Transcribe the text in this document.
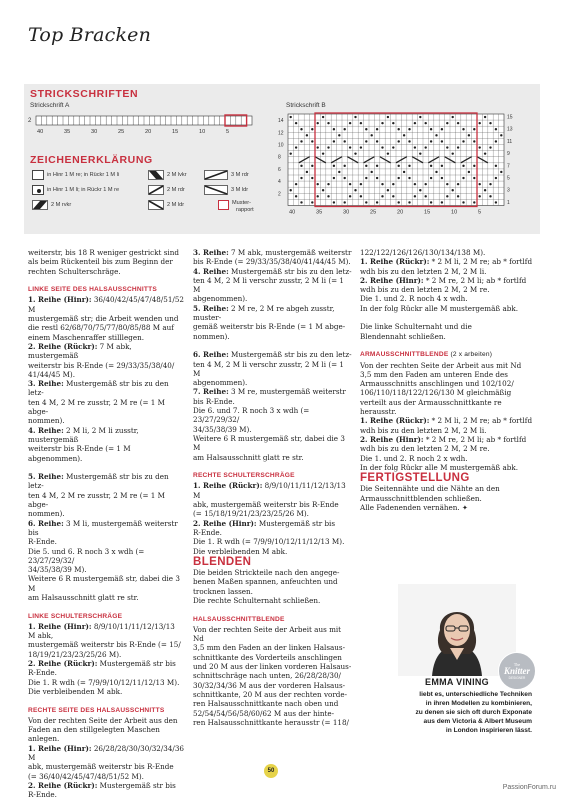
Top Bracken
STRICKSCHRIFTEN
Strickschrift A	Strickschrift B
2
40	35	30	25	20	15	10	5
14
12
10
8
6
4
2
15
13
11
9
7
5
3
1
40	35	30	25	20	15	10	5
ZEICHENERKLÄRUNG
in Hinr 1 M re; in Rückr 1 M li
in Hinr 1 M li; in Rückr 1 M re
2 M rvkr
2 M lvkr
2 M rdr
2 M ldr
3 M rdr
3 M ldr
Muster-
rapport

weiterstr, bis 18 R weniger gestrickt sind

als beim Rückenteil bis zum Beginn der

rechten Schulterschräge.

LINKE SEITE DES HALSAUSSCHNITTS

1. Reihe (Hinr): 36/40/42/45/47/48/51/52 M

mustergemäß str; die Arbeit wenden und

die restl 62/68/70/75/77/80/85/88 M auf

einem Maschenraffer stilllegen.

2. Reihe (Rückr): 7 M abk, mustergemäß

weiterstr bis R-Ende (= 29/33/35/38/40/

41/44/45 M).

3. Reihe: Mustergemäß str bis zu den letz-

ten 4 M, 2 M re zusstr, 2 M re (= 1 M abge-

nommen).

4. Reihe: 2 M li, 2 M li zusstr, mustergemäß

weiterstr bis R-Ende (= 1 M abgenommen).

5. Reihe: Mustergemäß str bis zu den letz-

ten 4 M, 2 M re zusstr, 2 M re (= 1 M abge-

nommen).

6. Reihe: 3 M li, mustergemäß weiterstr bis

R-Ende.

Die 5. und 6. R noch 3 x wdh (= 23/27/29/32/

34/35/38/39 M).

Weitere 6 R mustergemäß str, dabei die 3 M

am Halsausschnitt glatt re str.

LINKE SCHULTERSCHRÄGE

1. Reihe (Hinr): 8/9/10/11/11/12/13/13 M abk,

mustergemäß weiterstr bis R-Ende (= 15/

18/19/21/23/23/25/26 M).

2. Reihe (Rückr): Mustergemäß str bis

R-Ende.

Die 1. R wdh (= 7/9/9/10/12/11/12/13 M).

Die verbleibenden M abk.

RECHTE SEITE DES HALSAUSSCHNITTS

Von der rechten Seite der Arbeit aus den

Faden an den stillgelegten Maschen anlegen.

1. Reihe (Hinr): 26/28/28/30/30/32/34/36 M

abk, mustergemäß weiterstr bis R-Ende

(= 36/40/42/45/47/48/51/52 M).

2. Reihe (Rückr): Mustergemäß str bis

R-Ende.

3. Reihe: 7 M abk, mustergemäß weiterstr

bis R-Ende (= 29/33/35/38/40/41/44/45 M).

4. Reihe: Mustergemäß str bis zu den letz-

ten 4 M, 2 M li verschr zusstr, 2 M li (= 1 M

abgenommen).

5. Reihe: 2 M re, 2 M re abgeh zusstr, muster-

gemäß weiterstr bis R-Ende (= 1 M abge-

nommen).

6. Reihe: Mustergemäß str bis zu den letz-

ten 4 M, 2 M li verschr zusstr, 2 M li (= 1 M

abgenommen).

7. Reihe: 3 M re, mustergemäß weiterstr

bis R-Ende.

Die 6. und 7. R noch 3 x wdh (= 23/27/29/32/

34/35/38/39 M).

Weitere 6 R mustergemäß str, dabei die 3 M

am Halsausschnitt glatt re str.

RECHTE SCHULTERSCHRÄGE

1. Reihe (Rückr): 8/9/10/11/11/12/13/13 M

abk, mustergemäß weiterstr bis R-Ende

(= 15/18/19/21/23/23/25/26 M).

2. Reihe (Hinr): Mustergemäß str bis

R-Ende.

Die 1. R wdh (= 7/9/9/10/12/11/12/13 M).

Die verbleibenden M abk.

BLENDEN

Die beiden Strickteile nach den angege-

benen Maßen spannen, anfeuchten und

trocknen lassen.

Die rechte Schulternaht schließen.

HALSAUSSCHNITTBLENDE

Von der rechten Seite der Arbeit aus mit Nd

3,5 mm den Faden an der linken Halsaus-

schnittkante des Vorderteils anschlingen

und 20 M aus der linken vorderen Halsaus-

schnittschräge nach unten, 26/28/28/30/

30/32/34/36 M aus der vorderen Halsaus-

schnittkante, 20 M aus der rechten vorde-

ren Halsausschnittkante nach oben und

52/54/54/56/58/60/62 M aus der hinte-

ren Halsausschnittkante herausstr (= 118/

122/122/126/126/130/134/138 M).

1. Reihe (Rückr): * 2 M li, 2 M re; ab * fortlfd

wdh bis zu den letzten 2 M, 2 M li.

2. Reihe (Hinr): * 2 M re, 2 M li; ab * fortlfd

wdh bis zu den letzten 2 M, 2 M re.

Die 1. und 2. R noch 4 x wdh.

In der folg Rückr alle M mustergemäß abk.

Die linke Schulternaht und die

Blendennaht schließen.

ARMAUSSCHNITTBLENDE (2 x arbeiten)

Von der rechten Seite der Arbeit aus mit Nd

3,5 mm den Faden am unteren Ende des

Armausschnitts anschlingen und 102/102/

106/110/118/122/126/130 M gleichmäßig

verteilt aus der Armausschnittkante re

herausstr.

1. Reihe (Rückr): * 2 M li, 2 M re; ab * fortlfd

wdh bis zu den letzten 2 M, 2 M li.

2. Reihe (Hinr): * 2 M re, 2 M li; ab * fortlfd

wdh bis zu den letzten 2 M, 2 M re.

Die 1. und 2. R noch 2 x wdh.

In der folg Rückr alle M mustergemäß abk.

FERTIGSTELLUNG

Die Seitennähte und die Nähte an den

Armausschnittblenden schließen.

Alle Fadenenden vernähen. ✦

The
Knitter
DESIGNER
EMMA VINING

liebt es, unterschiedliche Techniken

in ihren Modellen zu kombinieren,

zu denen sie sich oft durch Exponate

aus dem Victoria & Albert Museum

in London inspirieren lässt.

50
PassionForum.ru
